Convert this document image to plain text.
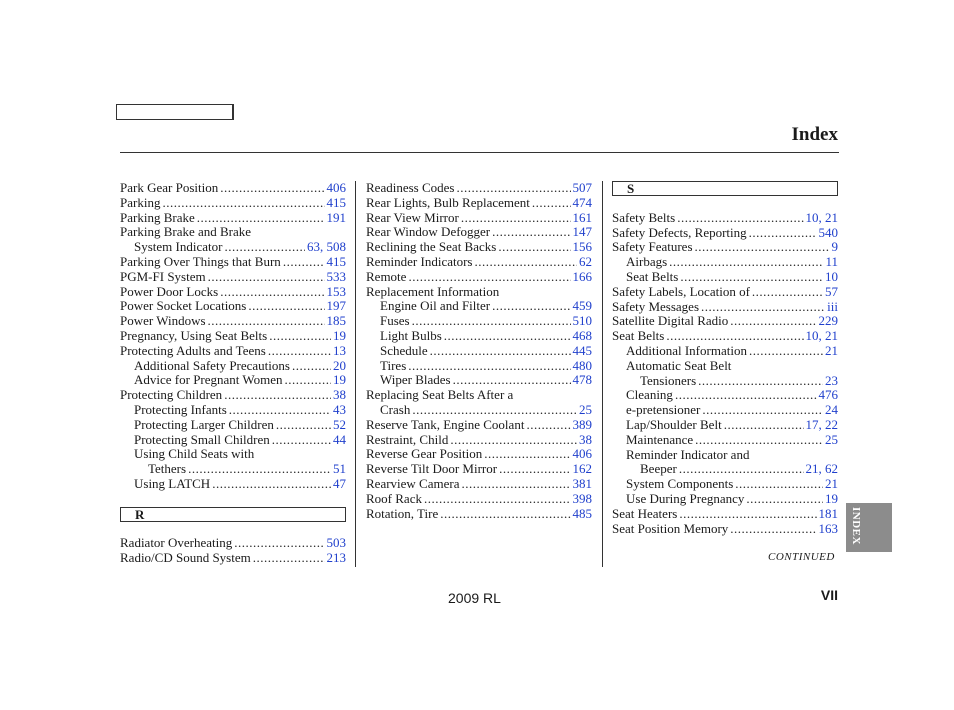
Index
Park Gear Position .....	406
Parking .....	415
Parking Brake .....	191
Parking Brake and Brake
System Indicator .....	63, 508
Parking Over Things that Burn .....	415
PGM-FI System .....	533
Power Door Locks .....	153
Power Socket Locations .....	197
Power Windows .....	185
Pregnancy, Using Seat Belts .....	19
Protecting Adults and Teens .....	13
Additional Safety Precautions .....	20
Advice for Pregnant Women .....	19
Protecting Children .....	38
Protecting Infants .....	43
Protecting Larger Children .....	52
Protecting Small Children .....	44
Using Child Seats with
Tethers .....	51
Using LATCH .....	47
R
Radiator Overheating .....	503
Radio/CD Sound System .....	213
Readiness Codes .....	507
Rear Lights, Bulb Replacement .....	474
Rear View Mirror .....	161
Rear Window Defogger .....	147
Reclining the Seat Backs .....	156
Reminder Indicators .....	62
Remote .....	166
Replacement Information
Engine Oil and Filter .....	459
Fuses .....	510
Light Bulbs .....	468
Schedule .....	445
Tires .....	480
Wiper Blades .....	478
Replacing Seat Belts After a
Crash .....	25
Reserve Tank, Engine Coolant .....	389
Restraint, Child .....	38
Reverse Gear Position .....	406
Reverse Tilt Door Mirror .....	162
Rearview Camera .....	381
Roof Rack .....	398
Rotation, Tire .....	485
S
Safety Belts .....	10, 21
Safety Defects, Reporting .....	540
Safety Features .....	9
Airbags .....	11
Seat Belts .....	10
Safety Labels, Location of .....	57
Safety Messages .....	iii
Satellite Digital Radio .....	229
Seat Belts .....	10, 21
Additional Information .....	21
Automatic Seat Belt
Tensioners .....	23
Cleaning .....	476
e-pretensioner .....	24
Lap/Shoulder Belt .....	17, 22
Maintenance .....	25
Reminder Indicator and
Beeper .....	21, 62
System Components .....	21
Use During Pregnancy .....	19
Seat Heaters .....	181
Seat Position Memory .....	163
CONTINUED
INDEX
2009 RL	VII
